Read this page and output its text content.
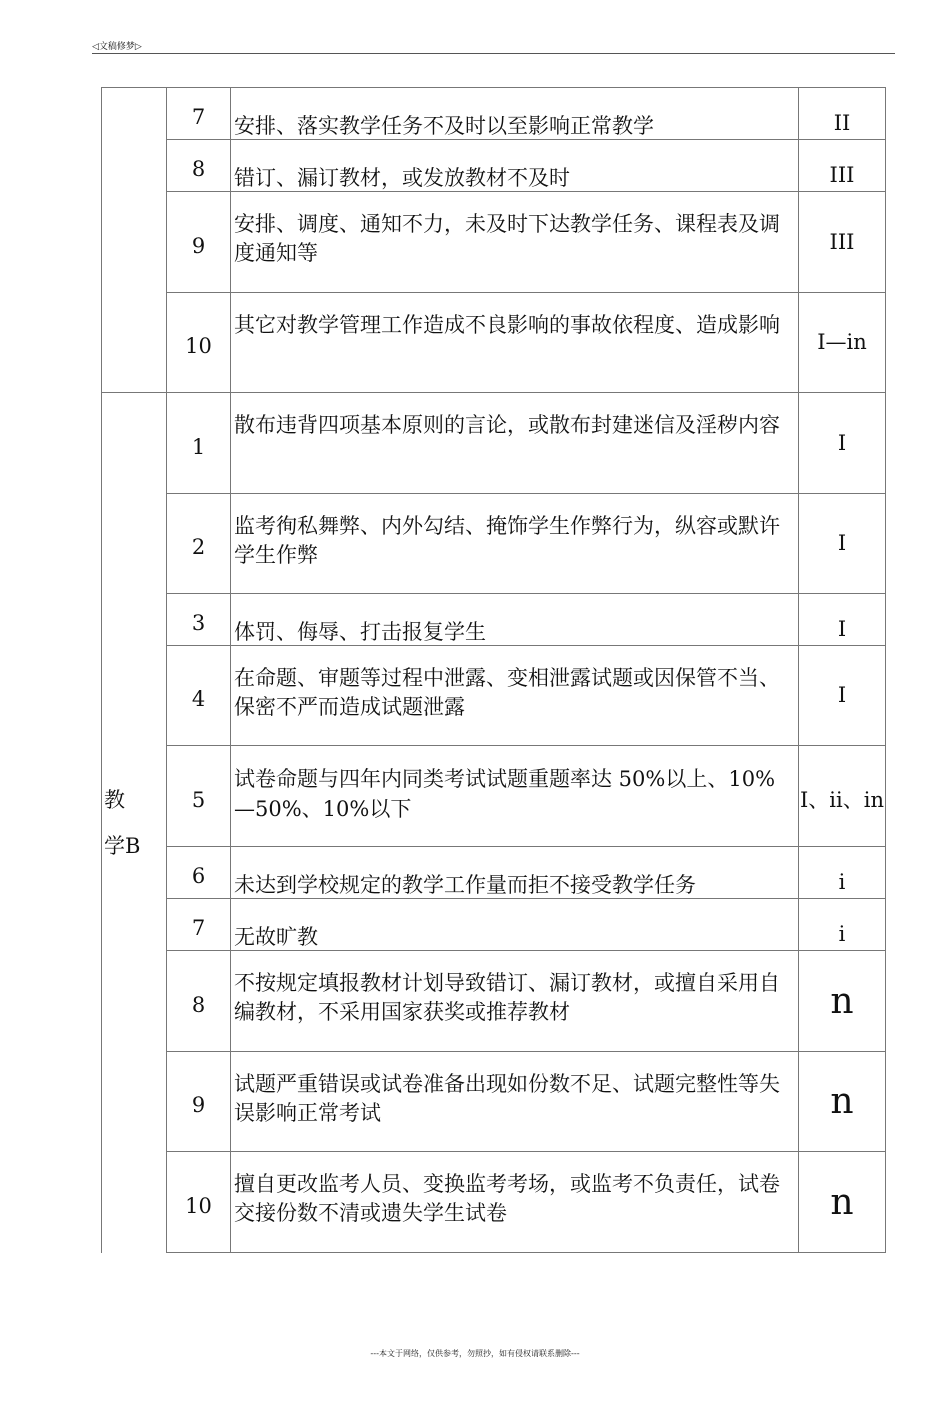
◁文稿修梦▷
	7	安排、落实教学任务不及时以至影响正常教学	II
	8	错订、漏订教材，或发放教材不及时	III
	9	安排、调度、通知不力，未及时下达教学任务、课程表及调度通知等	III
	10	其它对教学管理工作造成不良影响的事故依程度、造成影响	I—in

教学B	1	散布违背四项基本原则的言论，或散布封建迷信及淫秽内容	I
	2	监考徇私舞弊、内外勾结、掩饰学生作弊行为，纵容或默许学生作弊	I
	3	体罚、侮辱、打击报复学生	I
	4	在命题、审题等过程中泄露、变相泄露试题或因保管不当、保密不严而造成试题泄露	I
	5	试卷命题与四年内同类考试试题重题率达 50%以上、10%—50%、10%以下	I、ii、in

	6	未达到学校规定的教学工作量而拒不接受教学任务	i
	7	无故旷教	i
	8	不按规定填报教材计划导致错订、漏订教材，或擅自采用自编教材，不采用国家获奖或推荐教材	n
	9	试题严重错误或试卷准备出现如份数不足、试题完整性等失误影响正常考试	n
	10	擅自更改监考人员、变换监考考场，或监考不负责任，试卷交接份数不清或遗失学生试卷	n
---本文于网络，仅供参考，勿照抄，如有侵权请联系删除---
